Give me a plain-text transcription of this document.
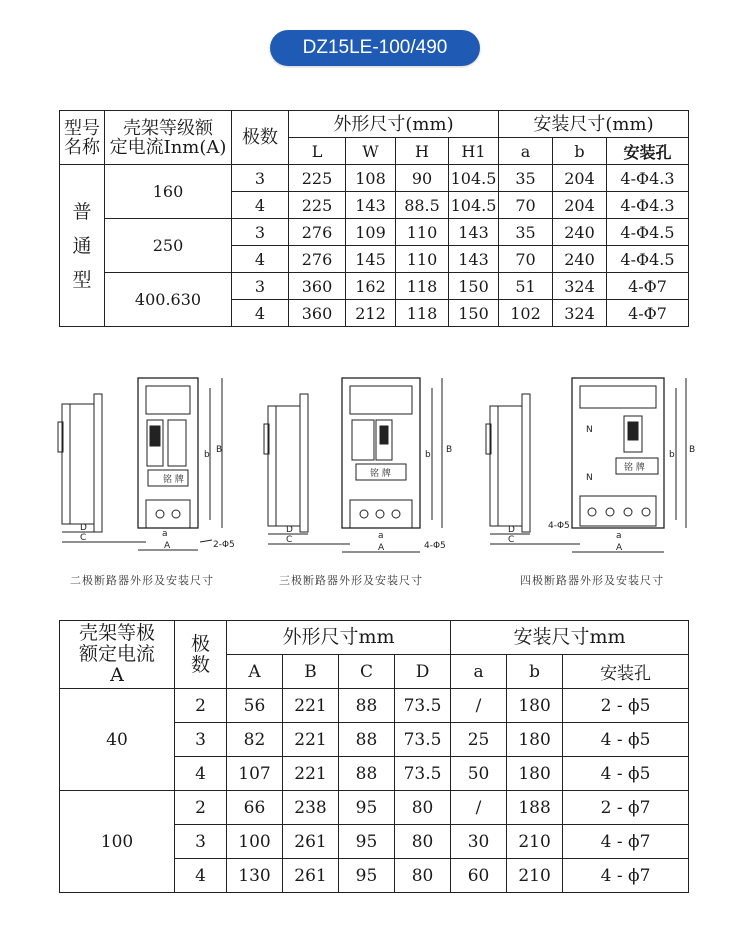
DZ15LE-100/490
型号
名称	壳架等级额
定电流Inm(A)	极数	外形尺寸(mm)				安装尺寸(mm)		
			L	W	H	H1	a	b	安装孔
普
通
型	160	3	225	108	90	104.5	35	204	4-Φ4.3
		4	225	143	88.5	104.5	70	204	4-Φ4.3
	250	3	276	109	110	143	35	240	4-Φ4.5
		4	276	145	110	143	70	240	4-Φ4.5
	400.630	3	360	162	118	150	51	324	4-Φ7
		4	360	212	118	150	102	324	4-Φ7
铭 牌
D
C
A
a
b B
2-Φ5
铭 牌
D
C
A
a
b B
4-Φ5
N
N
铭 牌
D
C
A
a
b B
4-Φ5
二极断路器外形及安装尺寸	三极断路器外形及安装尺寸	四极断路器外形及安装尺寸
壳架等极
额定电流
A	极
数	外形尺寸mm				安装尺寸mm		
		A	B	C	D	a	b	安装孔
40	2	56	221	88	73.5	/	180	2 - ϕ5
	3	82	221	88	73.5	25	180	4 - ϕ5
	4	107	221	88	73.5	50	180	4 - ϕ5
100	2	66	238	95	80	/	188	2 - ϕ7
	3	100	261	95	80	30	210	4 - ϕ7
	4	130	261	95	80	60	210	4 - ϕ7
